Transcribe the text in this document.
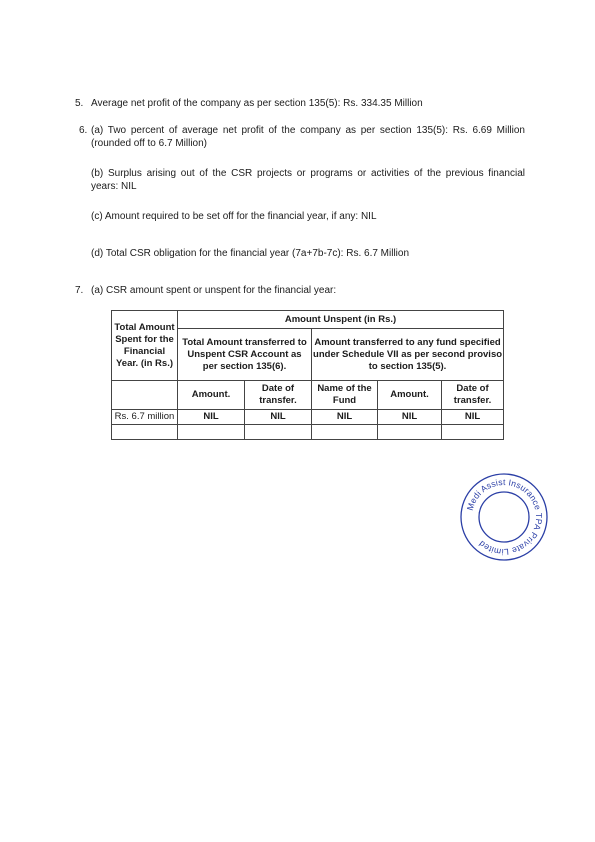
5. Average net profit of the company as per section 135(5): Rs. 334.35 Million
6. (a) Two percent of average net profit of the company as per section 135(5): Rs. 6.69 Million (rounded off to 6.7 Million)
(b) Surplus arising out of the CSR projects or programs or activities of the previous financial years: NIL
(c) Amount required to be set off for the financial year, if any: NIL
(d) Total CSR obligation for the financial year (7a+7b-7c): Rs. 6.7 Million
7. (a) CSR amount spent or unspent for the financial year:
Total Amount Spent for the Financial Year. (in Rs.)	Amount Unspent (in Rs.)				
	Total Amount transferred to Unspent CSR Account as per section 135(6).		Amount transferred to any fund specified under Schedule VII as per second proviso to section 135(5).		
	Amount.	Date of transfer.	Name of the Fund	Amount.	Date of transfer.
Rs. 6.7 million	NIL	NIL	NIL	NIL	NIL

Medi Assist Insurance TPA Private Limited
